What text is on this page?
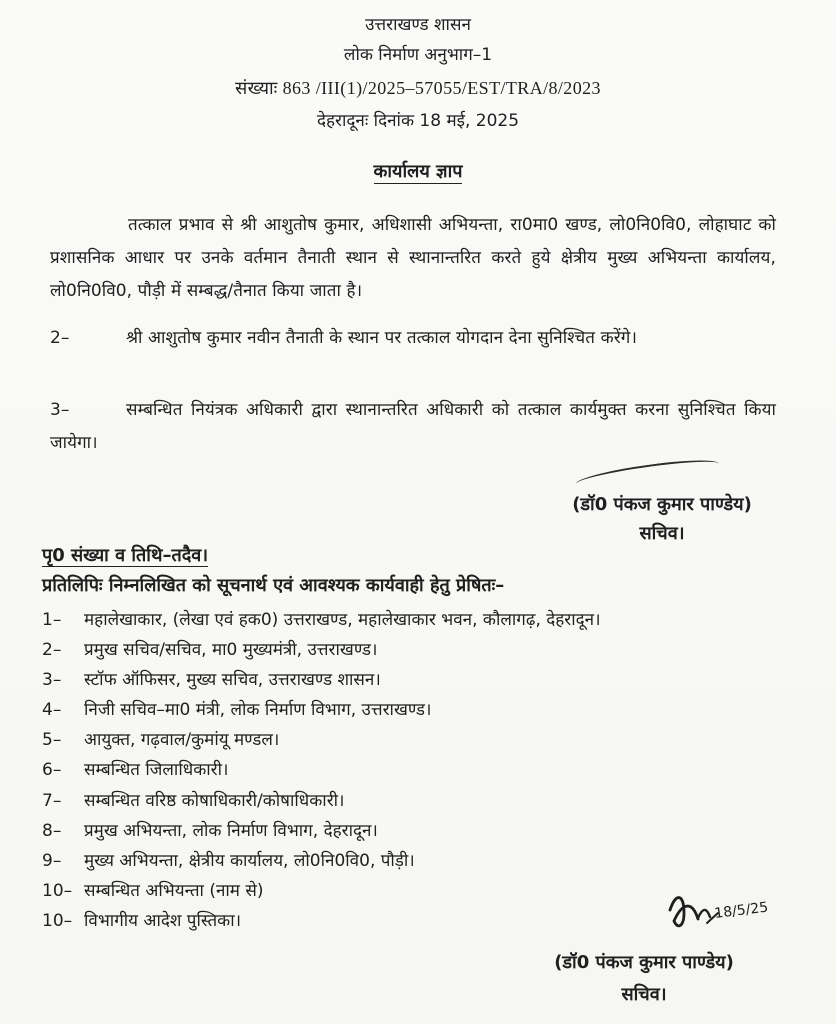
उत्तराखण्ड शासन
लोक निर्माण अनुभाग–1
संख्याः 863 /III(1)/2025–57055/EST/TRA/8/2023
देहरादूनः दिनांक 18 मई, 2025
कार्यालय ज्ञाप
तत्काल प्रभाव से श्री आशुतोष कुमार, अधिशासी अभियन्ता, रा0मा0 खण्ड, लो0नि0वि0, लोहाघाट को प्रशासनिक आधार पर उनके वर्तमान तैनाती स्थान से स्थानान्तरित करते हुये क्षेत्रीय मुख्य अभियन्ता कार्यालय, लो0नि0वि0, पौड़ी में सम्बद्ध/तैनात किया जाता है।
2–	श्री आशुतोष कुमार नवीन तैनाती के स्थान पर तत्काल योगदान देना सुनिश्चित करेंगे।
3–	सम्बन्धित नियंत्रक अधिकारी द्वारा स्थानान्तरित अधिकारी को तत्काल कार्यमुक्त करना सुनिश्चित किया जायेगा।
(डॉ0 पंकज कुमार पाण्डेय)
सचिव।
पृ0 संख्या व तिथि–तदैव।
प्रतिलिपिः निम्नलिखित को सूचनार्थ एवं आवश्यक कार्यवाही हेतु प्रेषितः–
1– महालेखाकार, (लेखा एवं हक0) उत्तराखण्ड, महालेखाकार भवन, कौलागढ़, देहरादून।
2– प्रमुख सचिव/सचिव, मा0 मुख्यमंत्री, उत्तराखण्ड।
3– स्टॉफ ऑफिसर, मुख्य सचिव, उत्तराखण्ड शासन।
4– निजी सचिव–मा0 मंत्री, लोक निर्माण विभाग, उत्तराखण्ड।
5– आयुक्त, गढ़वाल/कुमांयू मण्डल।
6– सम्बन्धित जिलाधिकारी।
7– सम्बन्धित वरिष्ठ कोषाधिकारी/कोषाधिकारी।
8– प्रमुख अभियन्ता, लोक निर्माण विभाग, देहरादून।
9– मुख्य अभियन्ता, क्षेत्रीय कार्यालय, लो0नि0वि0, पौड़ी।
10– सम्बन्धित अभियन्ता (नाम से)
10– विभागीय आदेश पुस्तिका।	18/5/25
(डॉ0 पंकज कुमार पाण्डेय)
सचिव।
